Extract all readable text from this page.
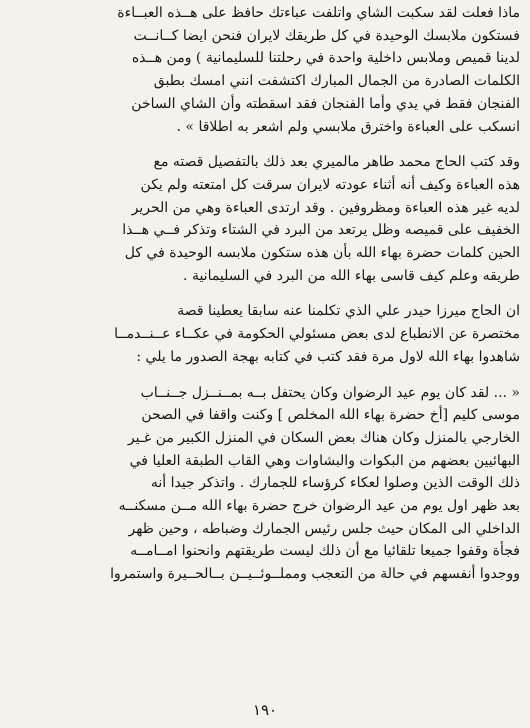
ماذا فعلت لقد سكبت الشاي واتلفت عباءتك حافظ على هــذه العبــاءة

فستكون ملابسك الوحيدة في كل طريقك لايران فنحن ايضا كــانــت

لدينا قميص وملابس داخلية واحدة في رحلتنا للسليمانية ) ومن هــذه

الكلمات الصادرة من الجمال المبارك اكتشفت انني امسك بطبق

الفنجان فقط في يدي وأما الفنجان فقد اسقطته وأن الشاي الساخن

انسكب على العباءة واخترق ملابسي ولم اشعر به اطلاقا » .

وقد كتب الحاج محمد طاهر مالميري بعد ذلك بالتفصيل قصته مع

هذه العباءة وكيف أنه أثناء عودته لايران سرقت كل امتعته ولم يكن

لديه غير هذه العباءة ومظروفين . وقد ارتدى العباءة وهي من الحرير

الخفيف على قميصه وظل يرتعد من البرد في الشتاء وتذكر فــي هــذا

الحين كلمات حضرة بهاء الله بأن هذه ستكون ملابسه الوحيدة في كل

طريقه وعلم كيف قاسى بهاء الله من البرد في السليمانية .

ان الحاج ميرزا حيدر علي الذي تكلمنا عنه سابقا يعطينا قصة

مختصرة عن الانطباع لدى بعض مسئولي الحكومة في عكــاء عــنــدمــا

شاهدوا بهاء الله لاول مرة فقد كتب في كتابه بهجة الصدور ما يلي :

« ... لقد كان يوم عيد الرضوان وكان يحتفل بــه بمــنــزل جــنــاب

موسى كليم [أخ حضرة بهاء الله المخلص ] وكنت واقفا في الصحن

الخارجي بالمنزل وكان هناك بعض السكان في المنزل الكبير من غـير

البهائيين بعضهم من البكوات والبشاوات وهي القاب الطبقة العليا في

ذلك الوقت الذين وصلوا لعكاء كرؤساء للجمارك . واتذكر جيدا أنه

بعد ظهر اول يوم من عيد الرضوان خرج حضرة بهاء الله مــن مسكنــه

الداخلي الى المكان حيث جلس رئيس الجمارك وضباطه ، وحين ظهر

فجأة وقفوا جميعا تلقائيا مع أن ذلك ليست طريقتهم وانحنوا امــامــه

ووجدوا أنفسهم في حالة من التعجب ومملــوئــيــن بــالحــيرة واستمروا

١٩٠
